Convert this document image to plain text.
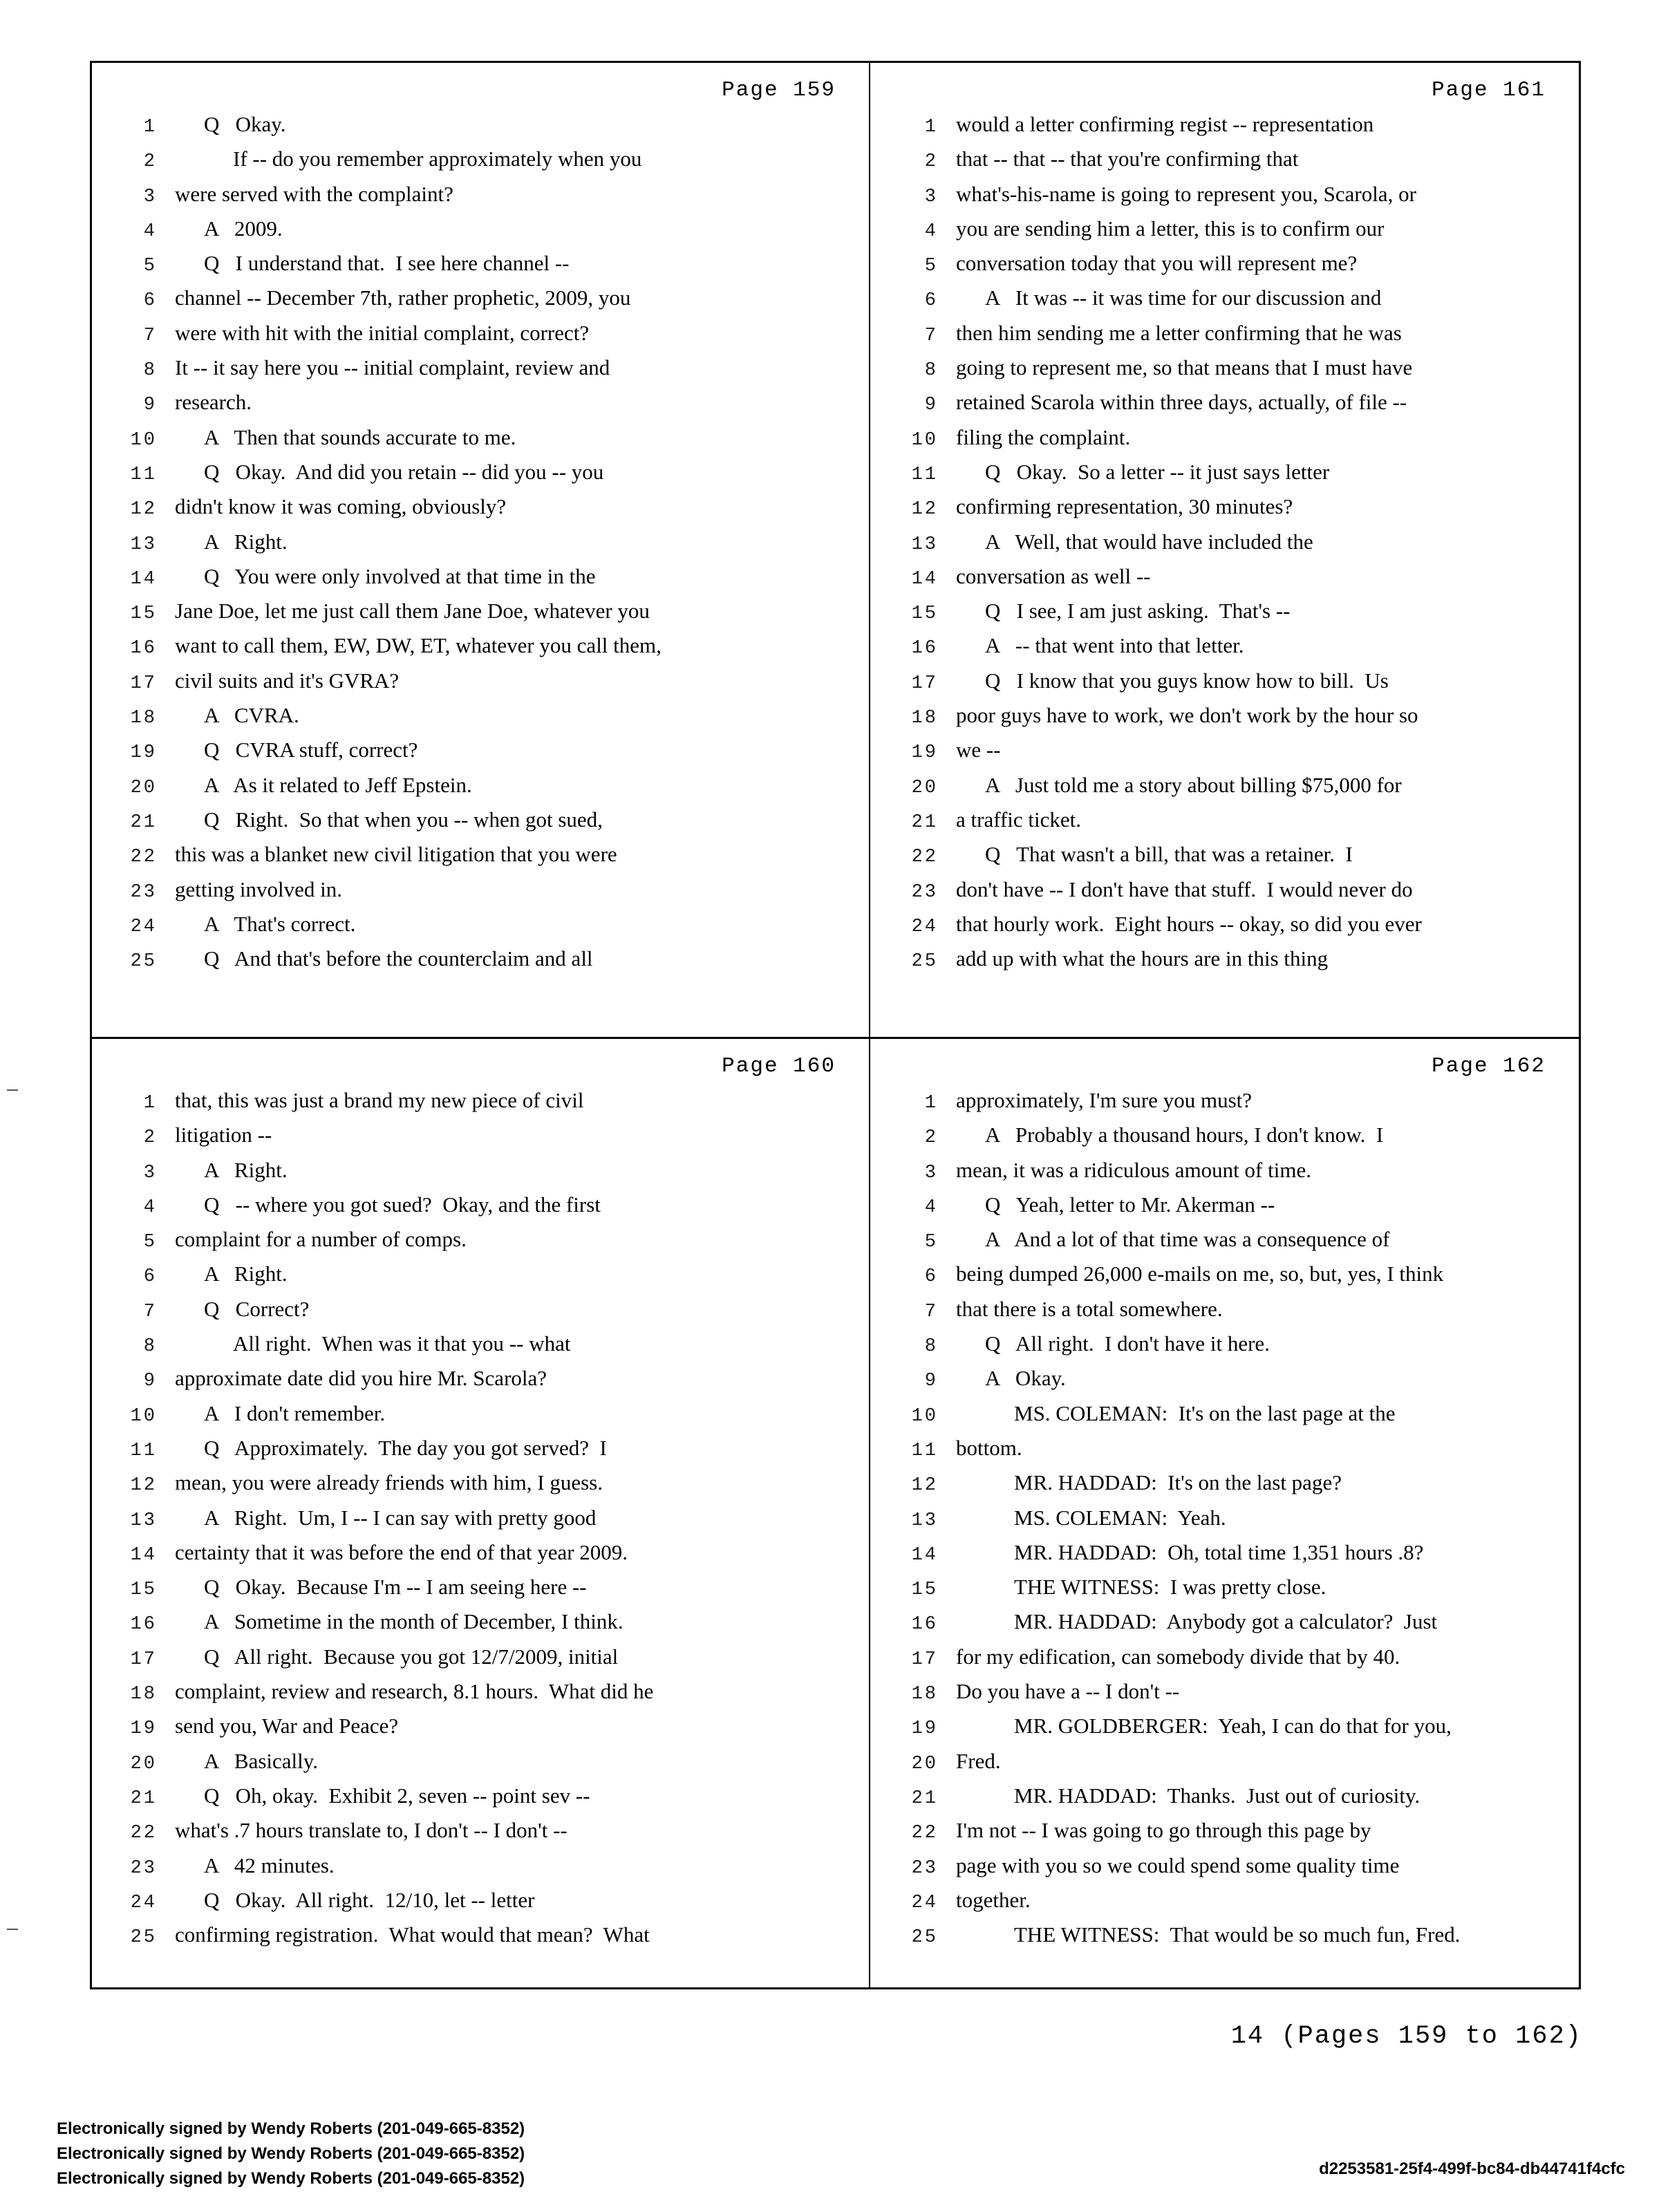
Page 159
1	Q   Okay.
2	If -- do you remember approximately when you
3 were served with the complaint?
4	A   2009.
5	Q   I understand that.  I see here channel --
6 channel -- December 7th, rather prophetic, 2009, you
7 were with hit with the initial complaint, correct?
8 It -- it say here you -- initial complaint, review and
9 research.
10	A   Then that sounds accurate to me.
11	Q   Okay.  And did you retain -- did you -- you
12 didn't know it was coming, obviously?
13	A   Right.
14	Q   You were only involved at that time in the
15 Jane Doe, let me just call them Jane Doe, whatever you
16 want to call them, EW, DW, ET, whatever you call them,
17 civil suits and it's GVRA?
18	A   CVRA.
19	Q   CVRA stuff, correct?
20	A   As it related to Jeff Epstein.
21	Q   Right.  So that when you -- when got sued,
22 this was a blanket new civil litigation that you were
23 getting involved in.
24	A   That's correct.
25	Q   And that's before the counterclaim and all
Page 161
1 would a letter confirming regist -- representation
2 that -- that -- that you're confirming that
3 what's-his-name is going to represent you, Scarola, or
4 you are sending him a letter, this is to confirm our
5 conversation today that you will represent me?
6	A   It was -- it was time for our discussion and
7 then him sending me a letter confirming that he was
8 going to represent me, so that means that I must have
9 retained Scarola within three days, actually, of file --
10 filing the complaint.
11	Q   Okay.  So a letter -- it just says letter
12 confirming representation, 30 minutes?
13	A   Well, that would have included the
14 conversation as well --
15	Q   I see, I am just asking.  That's --
16	A   -- that went into that letter.
17	Q   I know that you guys know how to bill.  Us
18 poor guys have to work, we don't work by the hour so
19 we --
20	A   Just told me a story about billing $75,000 for
21 a traffic ticket.
22	Q   That wasn't a bill, that was a retainer.  I
23 don't have -- I don't have that stuff.  I would never do
24 that hourly work.  Eight hours -- okay, so did you ever
25 add up with what the hours are in this thing
Page 160
1 that, this was just a brand my new piece of civil
2 litigation --
3	A   Right.
4	Q   -- where you got sued?  Okay, and the first
5 complaint for a number of comps.
6	A   Right.
7	Q   Correct?
8	All right.  When was it that you -- what
9 approximate date did you hire Mr. Scarola?
10	A   I don't remember.
11	Q   Approximately.  The day you got served?  I
12 mean, you were already friends with him, I guess.
13	A   Right.  Um, I -- I can say with pretty good
14 certainty that it was before the end of that year 2009.
15	Q   Okay.  Because I'm -- I am seeing here --
16	A   Sometime in the month of December, I think.
17	Q   All right.  Because you got 12/7/2009, initial
18 complaint, review and research, 8.1 hours.  What did he
19 send you, War and Peace?
20	A   Basically.
21	Q   Oh, okay.  Exhibit 2, seven -- point sev --
22 what's .7 hours translate to, I don't -- I don't --
23	A   42 minutes.
24	Q   Okay.  All right.  12/10, let -- letter
25 confirming registration.  What would that mean?  What
Page 162
1 approximately, I'm sure you must?
2	A   Probably a thousand hours, I don't know.  I
3 mean, it was a ridiculous amount of time.
4	Q   Yeah, letter to Mr. Akerman --
5	A   And a lot of that time was a consequence of
6 being dumped 26,000 e-mails on me, so, but, yes, I think
7 that there is a total somewhere.
8	Q   All right.  I don't have it here.
9	A   Okay.
10	MS. COLEMAN:  It's on the last page at the
11 bottom.
12	MR. HADDAD:  It's on the last page?
13	MS. COLEMAN:  Yeah.
14	MR. HADDAD:  Oh, total time 1,351 hours .8?
15	THE WITNESS:  I was pretty close.
16	MR. HADDAD:  Anybody got a calculator?  Just
17 for my edification, can somebody divide that by 40.
18 Do you have a -- I don't --
19	MR. GOLDBERGER:  Yeah, I can do that for you,
20 Fred.
21	MR. HADDAD:  Thanks.  Just out of curiosity.
22 I'm not -- I was going to go through this page by
23 page with you so we could spend some quality time
24 together.
25	THE WITNESS:  That would be so much fun, Fred.
14 (Pages 159 to 162)
Electronically signed by Wendy Roberts (201-049-665-8352)
Electronically signed by Wendy Roberts (201-049-665-8352)
Electronically signed by Wendy Roberts (201-049-665-8352)
d2253581-25f4-499f-bc84-db44741f4cfc
